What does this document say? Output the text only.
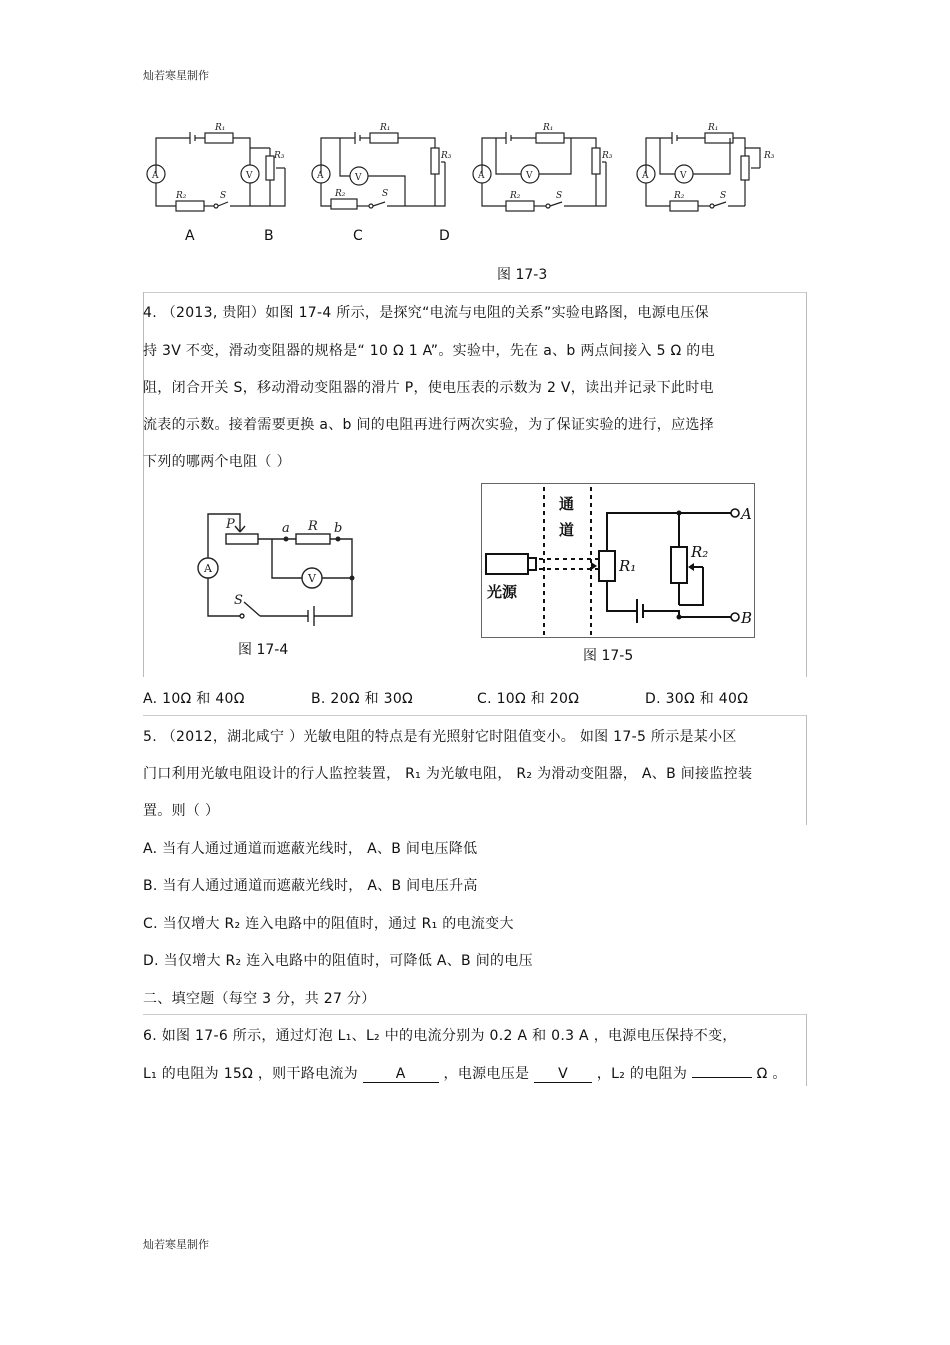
灿若寒星制作
A	V
R₁
R₃
R₂	S
A	V
R₁
R₃
R₂	S
A	V
R₁
R₃
R₂	S
A	V
R₁
R₃
R₂	S
A	B	C	D
图 17-3
4. （2013, 贵阳）如图 17-4 所示，是探究“电流与电阻的关系”实验电路图，电源电压保
持 3V 不变，滑动变阻器的规格是“ 10 Ω 1 A”。实验中，先在 a、b 两点间接入 5 Ω 的电
阻，闭合开关 S，移动滑动变阻器的滑片 P，使电压表的示数为 2 V，读出并记录下此时电
流表的示数。接着需要更换 a、b 间的电阻再进行两次实验，为了保证实验的进行，应选择
下列的哪两个电阻（ ）
P	a R b
S
A
V
图 17-4
通
道
光源
R₁
R₂
A
B
图 17-5
A. 10Ω 和 40Ω	B. 20Ω 和 30Ω	C. 10Ω 和 20Ω	D. 30Ω 和 40Ω
5. （2012，湖北咸宁 ）光敏电阻的特点是有光照射它时阻值变小。 如图 17-5 所示是某小区
门口利用光敏电阻设计的行人监控装置， R₁ 为光敏电阻， R₂ 为滑动变阻器， A、B 间接监控装
置。则（ ）
A. 当有人通过通道而遮蔽光线时， A、B 间电压降低
B. 当有人通过通道而遮蔽光线时， A、B 间电压升高
C. 当仅增大 R₂ 连入电路中的阻值时，通过 R₁ 的电流变大
D. 当仅增大 R₂ 连入电路中的阻值时，可降低 A、B 间的电压
二、填空题（每空 3 分，共 27 分）
6. 如图 17-6 所示，通过灯泡 L₁、L₂ 中的电流分别为 0.2 A 和 0.3 A ，电源电压保持不变，
L₁ 的电阻为 15Ω ，则干路电流为	A	，电源电压是 V ，L₂ 的电阻为	Ω 。
灿若寒星制作
